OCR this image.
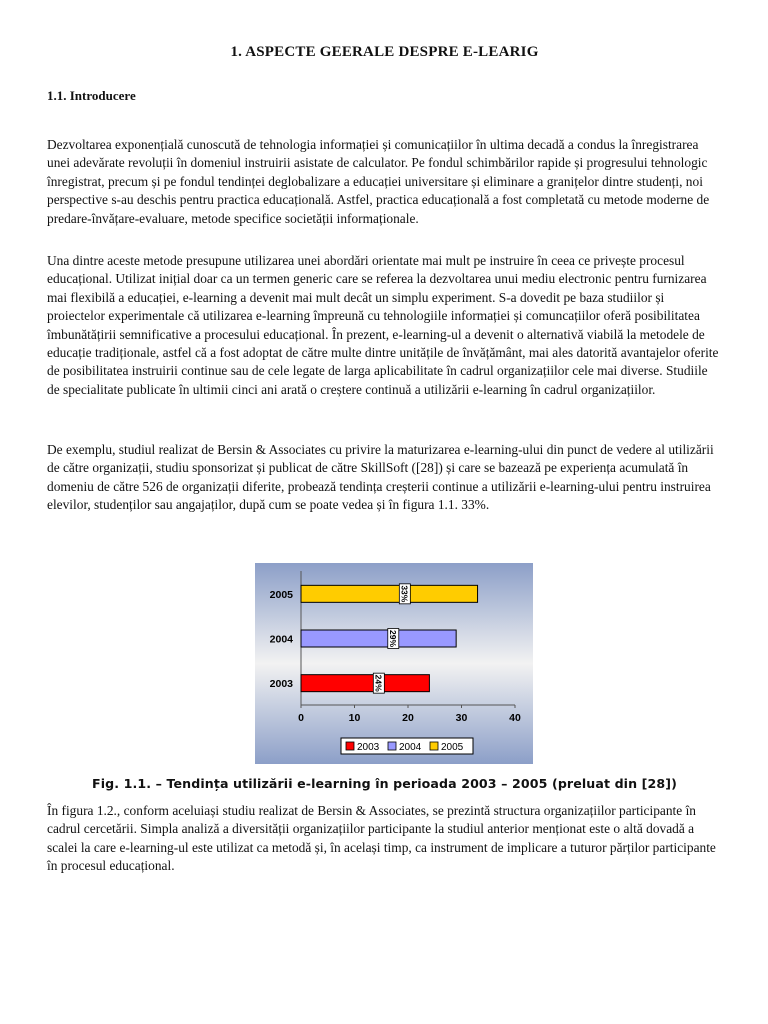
1. ASPECTE GEERALE DESPRE E-LEARIG
1.1. Introducere

Dezvoltarea exponențială cunoscută de tehnologia informației și comunicațiilor în ultima decadă a condus la înregistrarea unei adevărate revoluții în domeniul instruirii asistate de calculator. Pe fondul schimbărilor rapide și progresului tehnologic înregistrat, precum și pe fondul tendinței deglobalizare a educației universitare și eliminare a granițelor dintre studenți, noi perspective s-au deschis pentru practica educațională. Astfel, practica educațională a fost completată cu metode moderne de predare-învățare-evaluare, metode specifice societății informaționale.

Una dintre aceste metode presupune utilizarea unei abordări orientate mai mult pe instruire în ceea ce privește procesul educațional. Utilizat inițial doar ca un termen generic care se referea la dezvoltarea unui mediu electronic pentru furnizarea mai flexibilă a educației, e-learning a devenit mai mult decât un simplu experiment. S-a dovedit pe baza studiilor și proiectelor experimentale că utilizarea e-learning împreună cu tehnologiile informației și comuncațiilor oferă posibilitatea îmbunătățirii semnificative a procesului educațional. În prezent, e-learning-ul a devenit o alternativă viabilă la metodele de educație tradiționale, astfel că a fost adoptat de către multe dintre unitățile de învățământ, mai ales datorită avantajelor oferite de posibilitatea instruirii continue sau de cele legate de larga aplicabilitate în cadrul organizațiilor cele mai diverse. Studiile de specialitate publicate în ultimii cinci ani arată o creștere continuă a utilizării e-learning în cadrul organizațiilor.

De exemplu, studiul realizat de Bersin & Associates cu privire la maturizarea e-learning-ului din punct de vedere al utilizării de către organizații, studiu sponsorizat și publicat de către SkillSoft ([28]) și care se bazează pe experiența acumulată în domeniu de către 526 de organizații diferite, probează tendința creșterii continue a utilizării e-learning-ului pentru instruirea elevilor, studenților sau angajaților, după cum se poate vedea și în figura 1.1. 33%.

2005	33%
2004	29%
2003	24%
0	10	20	30	40
2003 2004 2005
Fig. 1.1. – Tendința utilizării e-learning în perioada 2003 – 2005 (preluat din [28])

În figura 1.2., conform aceluiași studiu realizat de Bersin & Associates, se prezintă structura organizațiilor participante în cadrul cercetării. Simpla analiză a diversității organizațiilor participante la studiul anterior menționat este o altă dovadă a scalei la care e-learning-ul este utilizat ca metodă și, în același timp, ca instrument de implicare a tuturor părților participante în procesul educațional.
